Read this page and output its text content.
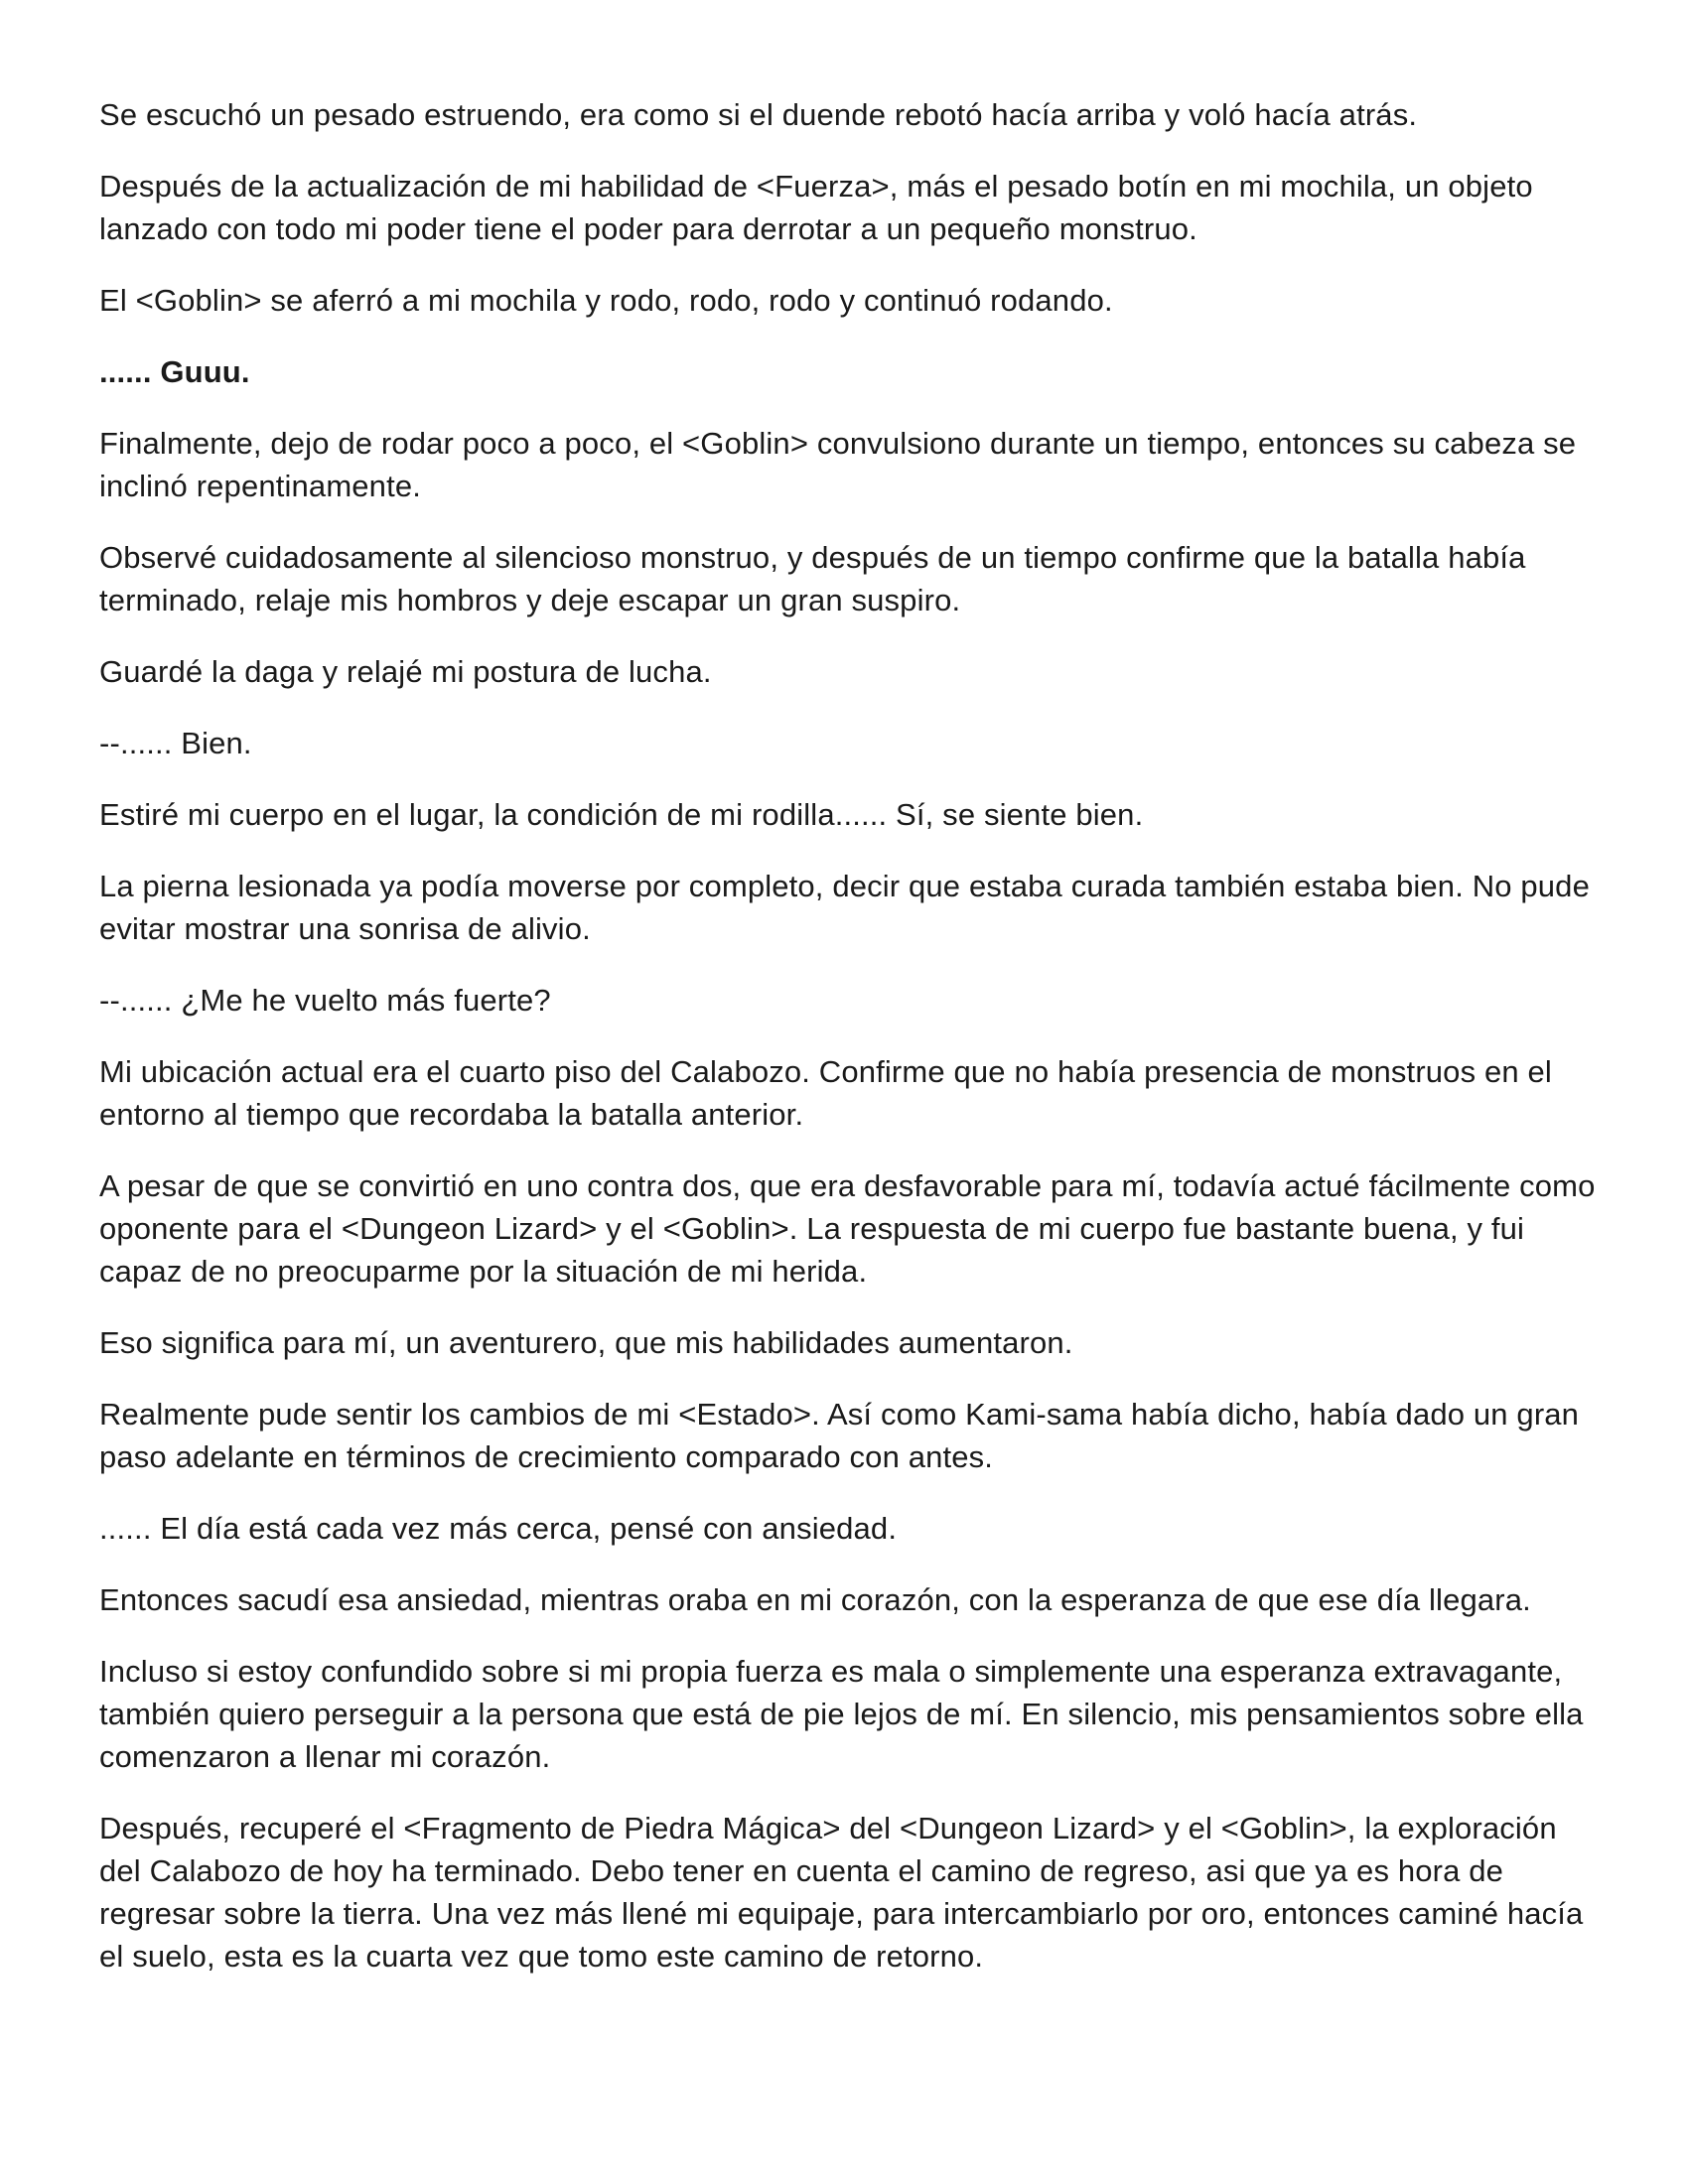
Se escuchó un pesado estruendo, era como si el duende rebotó hacía arriba y voló hacía atrás.

Después de la actualización de mi habilidad de <Fuerza>, más el pesado botín en mi mochila, un objeto lanzado con todo mi poder tiene el poder para derrotar a un pequeño monstruo.

El <Goblin> se aferró a mi mochila y rodo, rodo, rodo y continuó rodando.

...... Guuu.

Finalmente, dejo de rodar poco a poco, el <Goblin> convulsiono durante un tiempo, entonces su cabeza se inclinó repentinamente.

Observé cuidadosamente al silencioso monstruo, y después de un tiempo confirme que la batalla había terminado, relaje mis hombros y deje escapar un gran suspiro.

Guardé la daga y relajé mi postura de lucha.

--...... Bien.

Estiré mi cuerpo en el lugar, la condición de mi rodilla...... Sí, se siente bien.

La pierna lesionada ya podía moverse por completo, decir que estaba curada también estaba bien. No pude evitar mostrar una sonrisa de alivio.

--...... ¿Me he vuelto más fuerte?

Mi ubicación actual era el cuarto piso del Calabozo. Confirme que no había presencia de monstruos en el entorno al tiempo que recordaba la batalla anterior.

A pesar de que se convirtió en uno contra dos, que era desfavorable para mí, todavía actué fácilmente como oponente para el <Dungeon Lizard> y el <Goblin>. La respuesta de mi cuerpo fue bastante buena, y fui capaz de no preocuparme por la situación de mi herida.

Eso significa para mí, un aventurero, que mis habilidades aumentaron.

Realmente pude sentir los cambios de mi <Estado>. Así como Kami-sama había dicho, había dado un gran paso adelante en términos de crecimiento comparado con antes.

...... El día está cada vez más cerca, pensé con ansiedad.

Entonces sacudí esa ansiedad, mientras oraba en mi corazón, con la esperanza de que ese día llegara.

Incluso si estoy confundido sobre si mi propia fuerza es mala o simplemente una esperanza extravagante, también quiero perseguir a la persona que está de pie lejos de mí. En silencio, mis pensamientos sobre ella comenzaron a llenar mi corazón.

Después, recuperé el <Fragmento de Piedra Mágica> del <Dungeon Lizard> y el <Goblin>, la exploración del Calabozo de hoy ha terminado. Debo tener en cuenta el camino de regreso, asi que ya es hora de regresar sobre la tierra. Una vez más llené mi equipaje, para intercambiarlo por oro, entonces caminé hacía el suelo, esta es la cuarta vez que tomo este camino de retorno.
